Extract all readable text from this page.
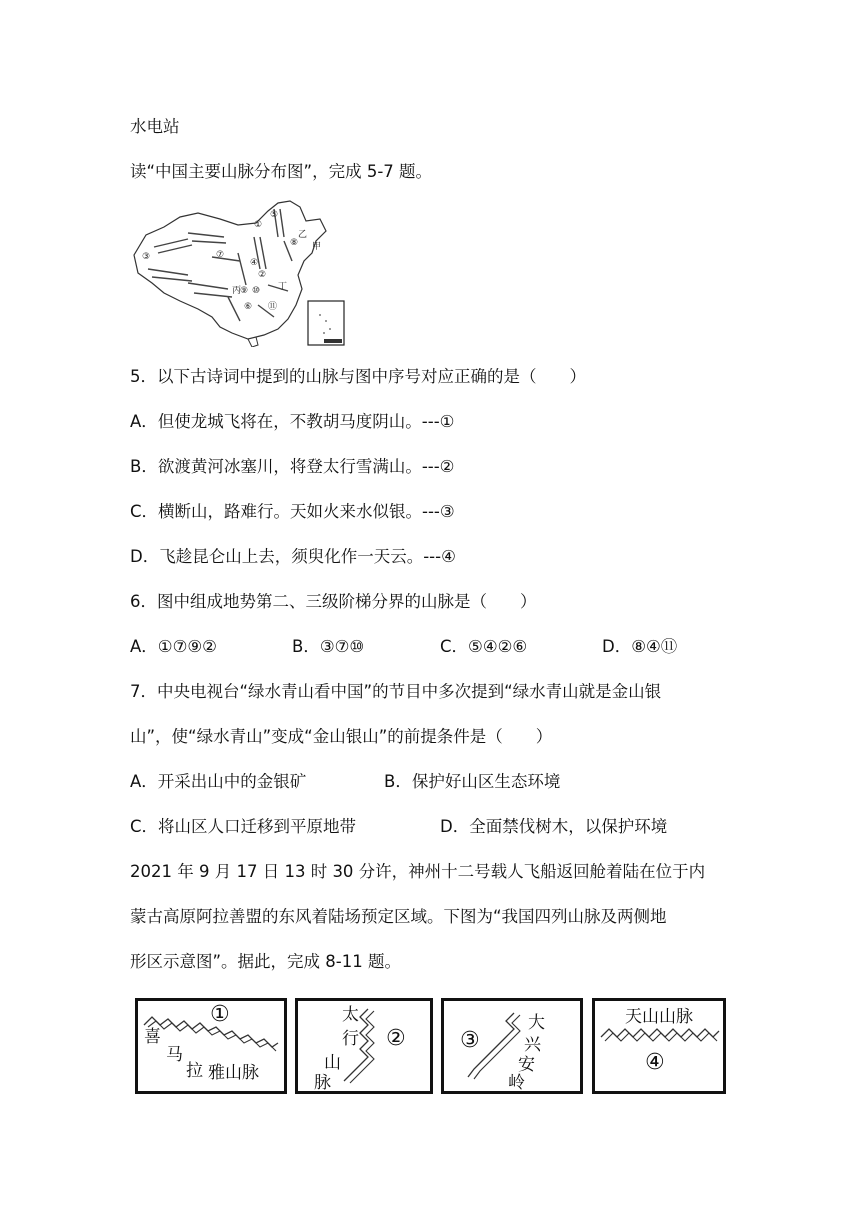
水电站
读“中国主要山脉分布图”，完成 5-7 题。
①
②
③
④
⑤
⑥
⑦
⑧
⑨ ⑩
⑪
乙
甲
丁
丙
5．以下古诗词中提到的山脉与图中序号对应正确的是（　　）
A．但使龙城飞将在，不教胡马度阴山。---①
B．欲渡黄河冰塞川，将登太行雪满山。---②
C．横断山，路难行。天如火来水似银。---③
D．飞趁昆仑山上去，须臾化作一天云。---④
6．图中组成地势第二、三级阶梯分界的山脉是（　　）
A．①⑦⑨②	B．③⑦⑩	C．⑤④②⑥	D．⑧④⑪
7．中央电视台“绿水青山看中国”的节目中多次提到“绿水青山就是金山银
山”，使“绿水青山”变成“金山银山”的前提条件是（　　）
A．开采出山中的金银矿	B．保护好山区生态环境
C．将山区人口迁移到平原地带	D．全面禁伐树木，以保护环境
2021 年 9 月 17 日 13 时 30 分许，神州十二号载人飞船返回舱着陆在位于内
蒙古高原阿拉善盟的东风着陆场预定区域。下图为“我国四列山脉及两侧地
形区示意图”。据此，完成 8-11 题。
①
喜
马
拉 雅山脉
太
行
山
脉
② ③
大
兴
安
岭
天山山脉
④
